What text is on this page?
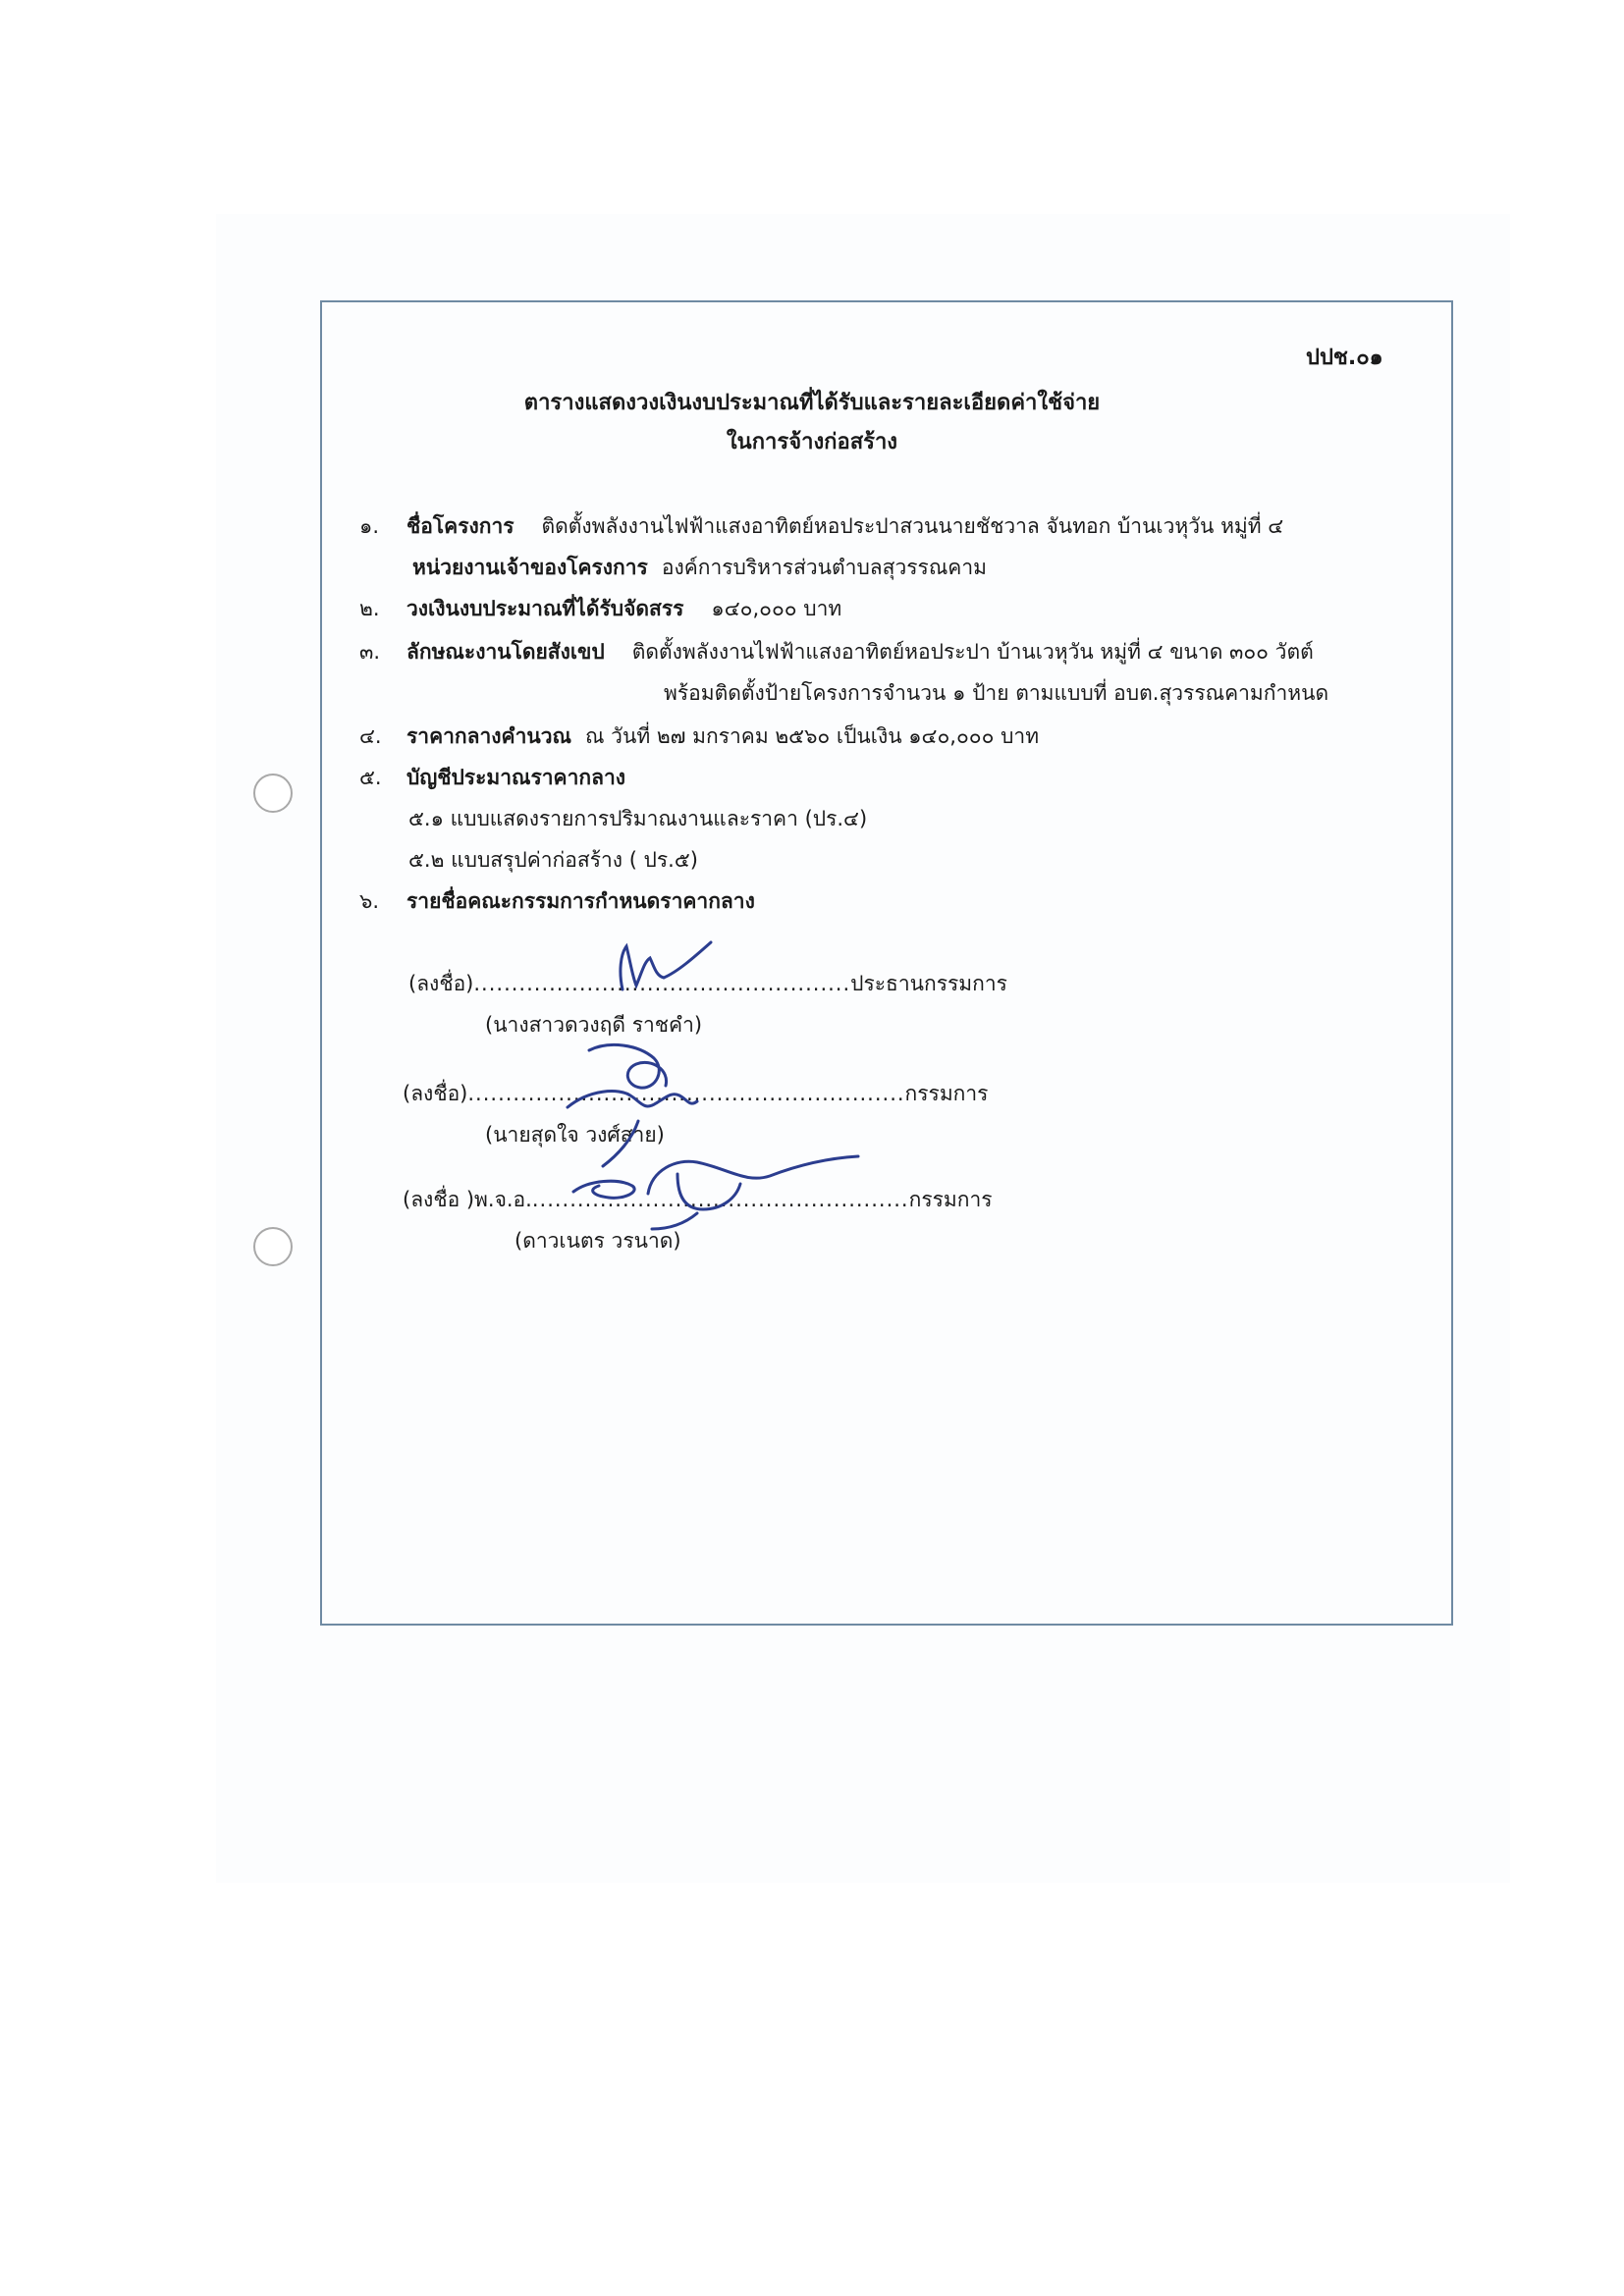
ปปช.๐๑
ตารางแสดงวงเงินงบประมาณที่ได้รับและรายละเอียดค่าใช้จ่าย
ในการจ้างก่อสร้าง
๑. ชื่อโครงการ ติดตั้งพลังงานไฟฟ้าแสงอาทิตย์หอประปาสวนนายชัชวาล จันทอก บ้านเวหุวัน หมู่ที่ ๔
หน่วยงานเจ้าของโครงการ องค์การบริหารส่วนตำบลสุวรรณคาม
๒. วงเงินงบประมาณที่ได้รับจัดสรร ๑๔๐,๐๐๐ บาท
๓. ลักษณะงานโดยสังเขป ติดตั้งพลังงานไฟฟ้าแสงอาทิตย์หอประปา บ้านเวหุวัน หมู่ที่ ๔ ขนาด ๓๐๐ วัตต์
พร้อมติดตั้งป้ายโครงการจำนวน ๑ ป้าย ตามแบบที่ อบต.สุวรรณคามกำหนด
๔. ราคากลางคำนวณ ณ วันที่ ๒๗ มกราคม ๒๕๖๐ เป็นเงิน ๑๔๐,๐๐๐ บาท
๕. บัญชีประมาณราคากลาง
๕.๑ แบบแสดงรายการปริมาณงานและราคา (ปร.๔)
๕.๒ แบบสรุปค่าก่อสร้าง ( ปร.๕)
๖. รายชื่อคณะกรรมการกำหนดราคากลาง
(ลงชื่อ)..................................................ประธานกรรมการ
(นางสาวดวงฤดี ราชคำ)
(ลงชื่อ)..........................................................กรรมการ
(นายสุดใจ วงศ์สาย)
(ลงชื่อ )พ.จ.อ...................................................กรรมการ
(ดาวเนตร วรนาด)
